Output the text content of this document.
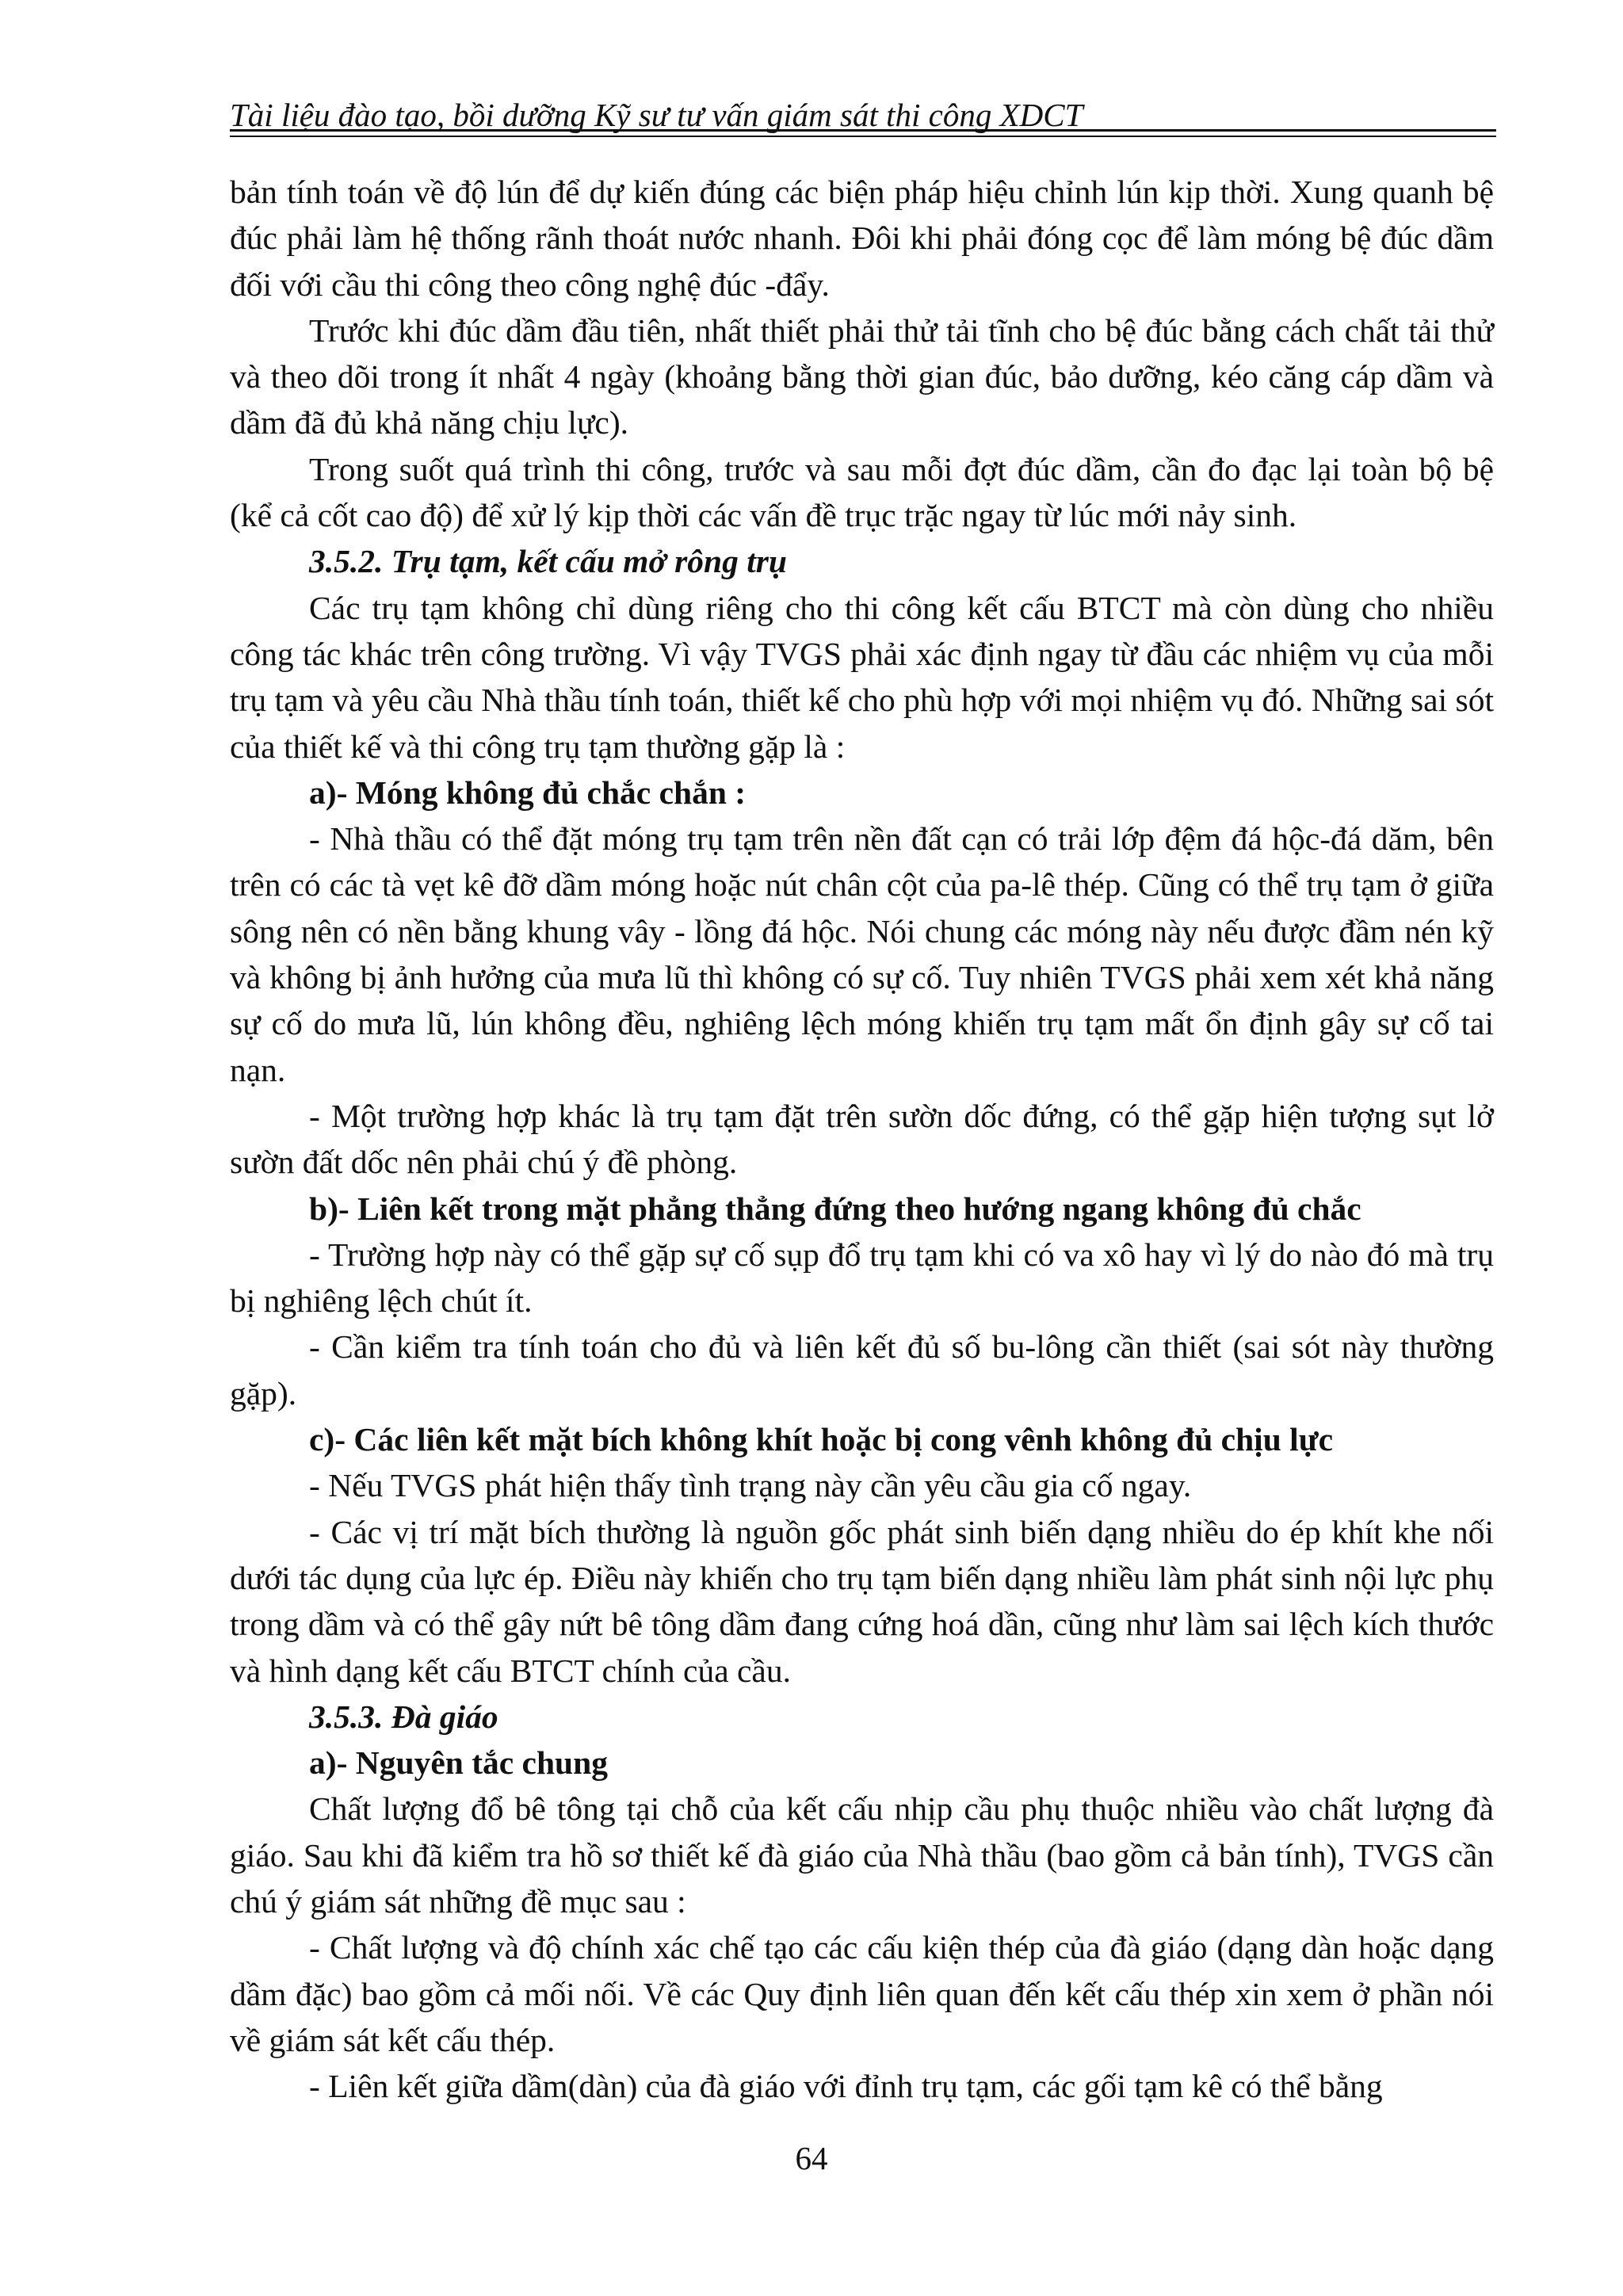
Tài liệu đào tạo, bồi dưỡng Kỹ sư tư vấn giám sát thi công XDCT

bản tính toán về độ lún để dự kiến đúng các biện pháp hiệu chỉnh lún kịp thời. Xung quanh bệ đúc phải làm hệ thống rãnh thoát nước nhanh. Đôi khi phải đóng cọc để làm móng bệ đúc dầm đối với cầu thi công theo công nghệ đúc -đẩy.

Trước khi đúc dầm đầu tiên, nhất thiết phải thử tải tĩnh cho bệ đúc bằng cách chất tải thử và theo dõi trong ít nhất 4 ngày (khoảng bằng thời gian đúc, bảo dưỡng, kéo căng cáp dầm và dầm đã đủ khả năng chịu lực).

Trong suốt quá trình thi công, trước và sau mỗi đợt đúc dầm, cần đo đạc lại toàn bộ bệ (kể cả cốt cao độ) để xử lý kịp thời các vấn đề trục trặc ngay từ lúc mới nảy sinh.

3.5.2. Trụ tạm, kết cấu mở rông trụ

Các trụ tạm không chỉ dùng riêng cho thi công kết cấu BTCT mà còn dùng cho nhiều công tác khác trên công trường. Vì vậy TVGS phải xác định ngay từ đầu các nhiệm vụ của mỗi trụ tạm và yêu cầu Nhà thầu tính toán, thiết kế cho phù hợp với mọi nhiệm vụ đó. Những sai sót của thiết kế và thi công trụ tạm thường gặp là :

a)- Móng không đủ chắc chắn :

- Nhà thầu có thể đặt móng trụ tạm trên nền đất cạn có trải lớp đệm đá hộc-đá dăm, bên trên có các tà vẹt kê đỡ dầm móng hoặc nút chân cột của pa-lê thép. Cũng có thể trụ tạm ở giữa sông nên có nền bằng khung vây - lồng đá hộc. Nói chung các móng này nếu được đầm nén kỹ và không bị ảnh hưởng của mưa lũ thì không có sự cố. Tuy nhiên TVGS phải xem xét khả năng sự cố do mưa lũ, lún không đều, nghiêng lệch móng khiến trụ tạm mất ổn định gây sự cố tai nạn.

- Một trường hợp khác là trụ tạm đặt trên sườn dốc đứng, có thể gặp hiện tượng sụt lở sườn đất dốc nên phải chú ý đề phòng.

b)- Liên kết trong mặt phẳng thẳng đứng theo hướng ngang không đủ chắc

- Trường hợp này có thể gặp sự cố sụp đổ trụ tạm khi có va xô hay vì lý do nào đó mà trụ bị nghiêng lệch chút ít.

- Cần kiểm tra tính toán cho đủ và liên kết đủ số bu-lông cần thiết (sai sót này thường gặp).

c)- Các liên kết mặt bích không khít hoặc bị cong vênh không đủ chịu lực

- Nếu TVGS phát hiện thấy tình trạng này cần yêu cầu gia cố ngay.

- Các vị trí mặt bích thường là nguồn gốc phát sinh biến dạng nhiều do ép khít khe nối dưới tác dụng của lực ép. Điều này khiến cho trụ tạm biến dạng nhiều làm phát sinh nội lực phụ trong dầm và có thể gây nứt bê tông dầm đang cứng hoá dần, cũng như làm sai lệch kích thước và hình dạng kết cấu BTCT chính của cầu.

3.5.3. Đà giáo

a)- Nguyên tắc chung

Chất lượng đổ bê tông tại chỗ của kết cấu nhịp cầu phụ thuộc nhiều vào chất lượng đà giáo. Sau khi đã kiểm tra hồ sơ thiết kế đà giáo của Nhà thầu (bao gồm cả bản tính), TVGS cần chú ý giám sát những đề mục sau :

- Chất lượng và độ chính xác chế tạo các cấu kiện thép của đà giáo (dạng dàn hoặc dạng dầm đặc) bao gồm cả mối nối. Về các Quy định liên quan đến kết cấu thép xin xem ở phần nói về giám sát kết cấu thép.

- Liên kết giữa dầm(dàn) của đà giáo với đỉnh trụ tạm, các gối tạm kê có thể bằng

64
